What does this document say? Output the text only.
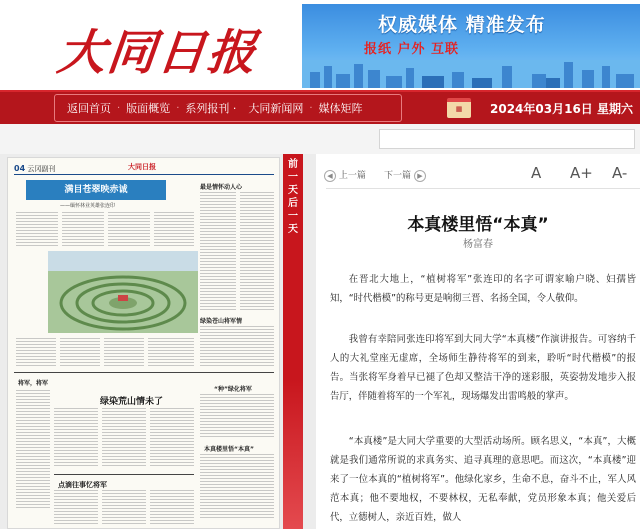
大同日报	权威媒体 精准发布
报纸 户外 互联
返回首页 · 版面概览 · 系列报刊 ·	大同新闻网 · 媒体矩阵	▦	2024年03月16日 星期六
04 云冈副刊	大同日报
满目苍翠映赤诚
——缅怀林业英雄张连印
最是情怀动人心
绿染苍山将军情
将军，将军
绿染荒山情未了
“种”绿化将军
本真楼里悟“本真”
点滴往事忆将军
前一天 后一天
◀ 上一篇 下一篇 ▶	A A+ A-
本真楼里悟“本真”
杨富春

在晋北大地上，“植树将军”张连印的名字可谓家喻户晓、妇孺皆知，“时代楷模”的称号更是响彻三晋、名扬全国，令人敬仰。

我曾有幸陪同张连印将军到大同大学“本真楼”作演讲报告。可容纳千人的大礼堂座无虚席，全场师生静待将军的到来，聆听“时代楷模”的报告。当张将军身着早已褪了色却又整洁干净的迷彩服，英姿勃发地步入报告厅，伴随着将军的一个军礼，现场爆发出雷鸣般的掌声。

“本真楼”是大同大学重要的大型活动场所。顾名思义，“本真”，大概就是我们通常所说的求真务实、追寻真理的意思吧。而这次，“本真楼”迎来了一位本真的“植树将军”。他绿化家乡，生命不息，奋斗不止，军人风范本真；他不要地权，不要林权，无私奉献，党员形象本真；他关爱后代，立德树人，亲近百姓，做人
